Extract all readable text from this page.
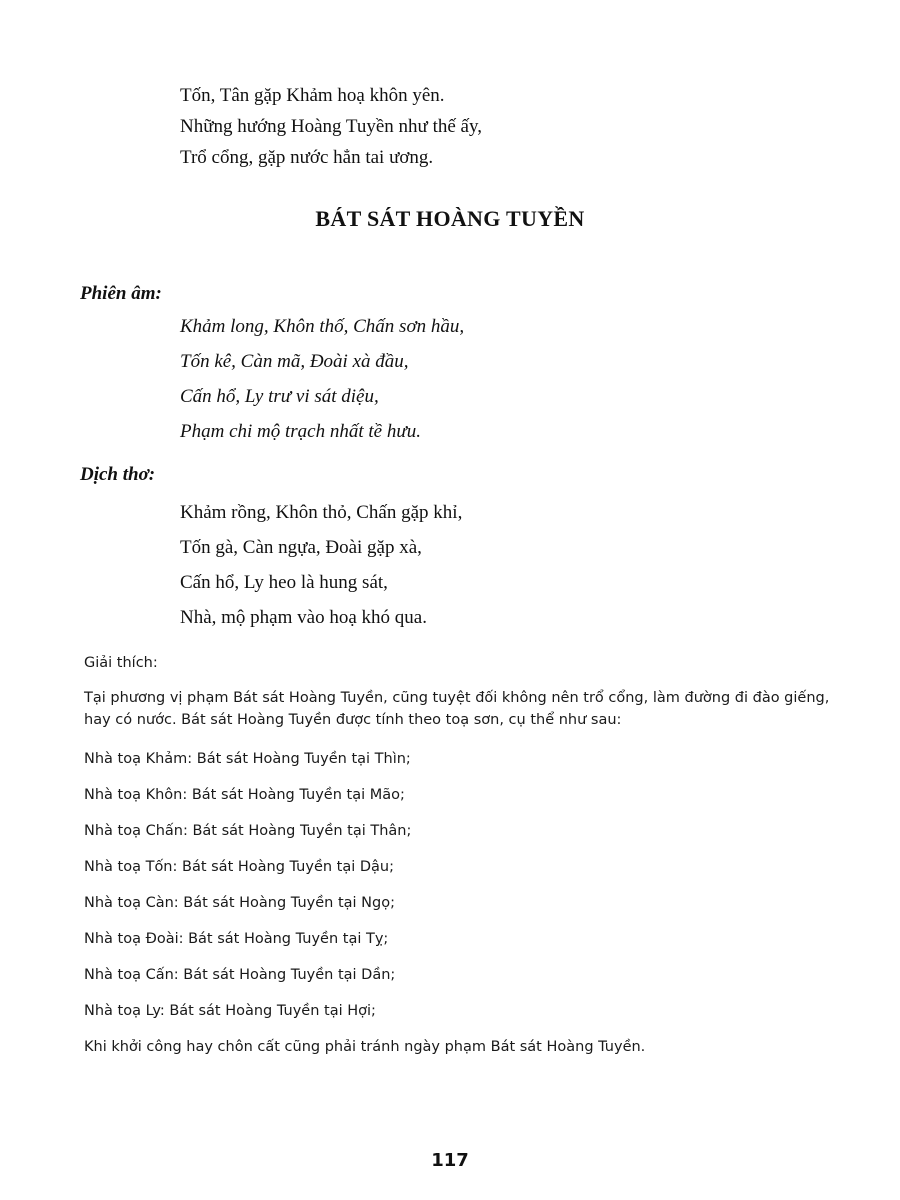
Tốn, Tân gặp Khảm hoạ khôn yên.
Những hướng Hoàng Tuyền như thế ấy,
Trổ cổng, gặp nước hẳn tai ương.
BÁT SÁT HOÀNG TUYỀN
Phiên âm:
Khảm long, Khôn thố, Chấn sơn hầu,
Tốn kê, Càn mã, Đoài xà đầu,
Cấn hổ, Ly trư vi sát diệu,
Phạm chi mộ trạch nhất tề hưu.
Dịch thơ:
Khảm rồng, Khôn thỏ, Chấn gặp khỉ,
Tốn gà, Càn ngựa, Đoài gặp xà,
Cấn hổ, Ly heo là hung sát,
Nhà, mộ phạm vào hoạ khó qua.
Giải thích:
Tại phương vị phạm Bát sát Hoàng Tuyền, cũng tuyệt đối không nên trổ cổng, làm đường đi đào giếng, hay có nước. Bát sát Hoàng Tuyền được tính theo toạ sơn, cụ thể như sau:
Nhà toạ Khảm: Bát sát Hoàng Tuyền tại Thìn;
Nhà toạ Khôn: Bát sát Hoàng Tuyền tại Mão;
Nhà toạ Chấn: Bát sát Hoàng Tuyền tại Thân;
Nhà toạ Tốn: Bát sát Hoàng Tuyền tại Dậu;
Nhà toạ Càn: Bát sát Hoàng Tuyền tại Ngọ;
Nhà toạ Đoài: Bát sát Hoàng Tuyền tại Tỵ;
Nhà toạ Cấn: Bát sát Hoàng Tuyền tại Dần;
Nhà toạ Ly: Bát sát Hoàng Tuyền tại Hợi;
Khi khởi công hay chôn cất cũng phải tránh ngày phạm Bát sát Hoàng Tuyền.
117
